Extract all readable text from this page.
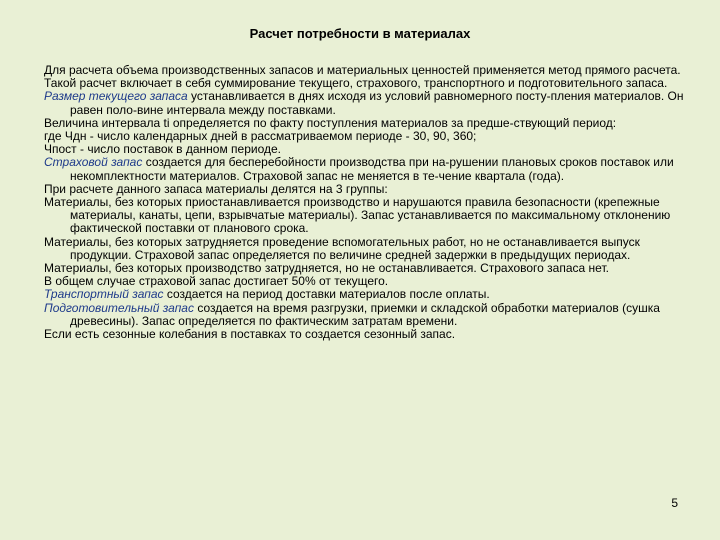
Расчет потребности в материалах

Для расчета объема производственных запасов и материальных ценностей применяется метод прямого расчета.

Такой расчет включает в себя суммирование текущего, страхового, транспортного и подготовительного запаса.

Размер текущего запаса устанавливается в днях исходя из условий равномерного посту-пления материалов. Он равен поло-вине интервала между поставками.

Величина интервала ti определяется по факту поступления материалов за предше-ствующий период:

где Чдн - число календарных дней в рассматриваемом периоде - 30, 90, 360;

Чпост - число поставок в данном периоде.

Страховой запас создается для бесперебойности производства при на-рушении плановых сроков поставок или некомплектности материалов. Страховой запас не меняется в те-чение квартала (года).

При расчете данного запаса материалы делятся на 3 группы:

Материалы, без которых приостанавливается производство и нарушаются правила безопасности (крепежные материалы, канаты, цепи, взрывчатые материалы). Запас устанавливается по максимальному отклонению фактической поставки от планового срока.

Материалы, без которых затрудняется проведение вспомогательных работ, но не останавливается выпуск продукции. Страховой запас определяется по величине средней задержки в предыдущих периодах.

Материалы, без которых производство затрудняется, но не останавливается. Страхового запаса нет.

В общем случае страховой запас достигает 50% от текущего.

Транспортный запас создается на период доставки материалов после оплаты.

Подготовительный запас создается на время разгрузки, приемки и складской обработки материалов (сушка древесины). Запас определяется по фактическим затратам времени.

Если есть сезонные колебания в поставках то создается сезонный запас.

5
